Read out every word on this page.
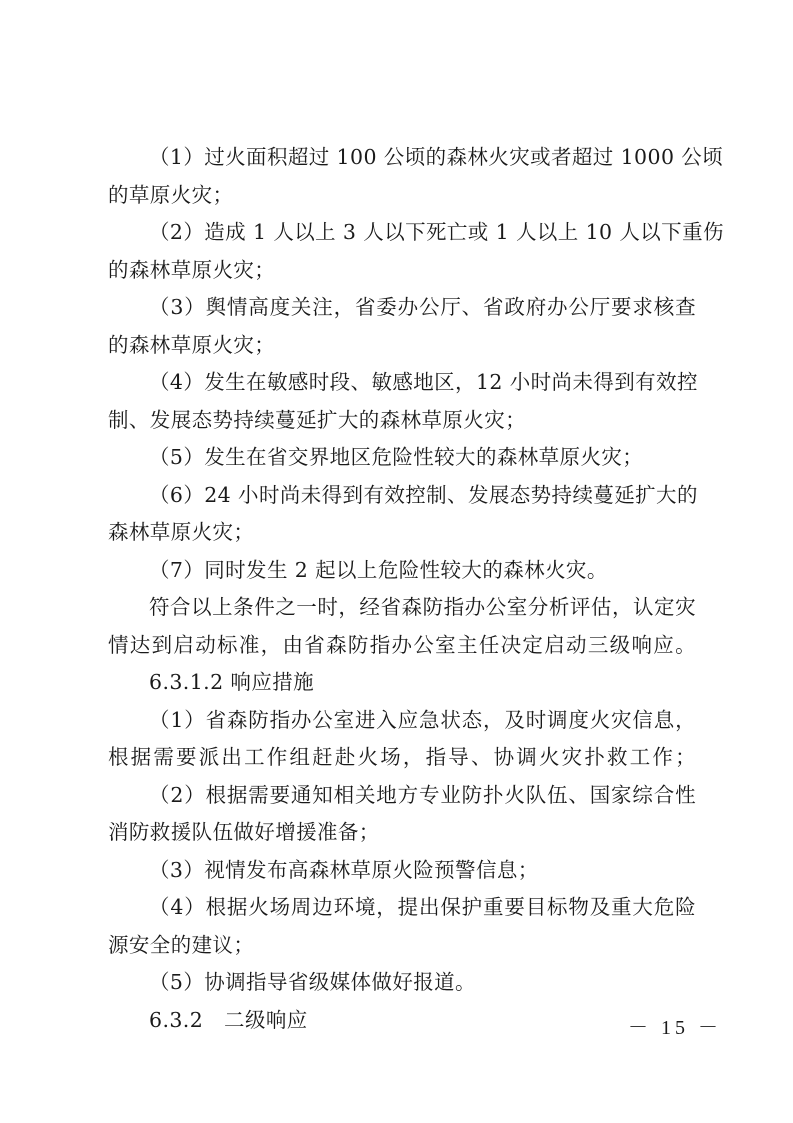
（1）过火面积超过 100 公顷的森林火灾或者超过 1000 公顷
的草原火灾；
（2）造成 1 人以上 3 人以下死亡或 1 人以上 10 人以下重伤
的森林草原火灾；
（3）舆情高度关注，省委办公厅、省政府办公厅要求核查
的森林草原火灾；
（4）发生在敏感时段、敏感地区，12 小时尚未得到有效控
制、发展态势持续蔓延扩大的森林草原火灾；
（5）发生在省交界地区危险性较大的森林草原火灾；
（6）24 小时尚未得到有效控制、发展态势持续蔓延扩大的
森林草原火灾；
（7）同时发生 2 起以上危险性较大的森林火灾。
符合以上条件之一时，经省森防指办公室分析评估，认定灾
情达到启动标准，由省森防指办公室主任决定启动三级响应。
6.3.1.2 响应措施
（1）省森防指办公室进入应急状态，及时调度火灾信息，
根据需要派出工作组赶赴火场，指导、协调火灾扑救工作；
（2）根据需要通知相关地方专业防扑火队伍、国家综合性
消防救援队伍做好增援准备；
（3）视情发布高森林草原火险预警信息；
（4）根据火场周边环境，提出保护重要目标物及重大危险
源安全的建议；
（5）协调指导省级媒体做好报道。
6.3.2　二级响应	－ 15 －
